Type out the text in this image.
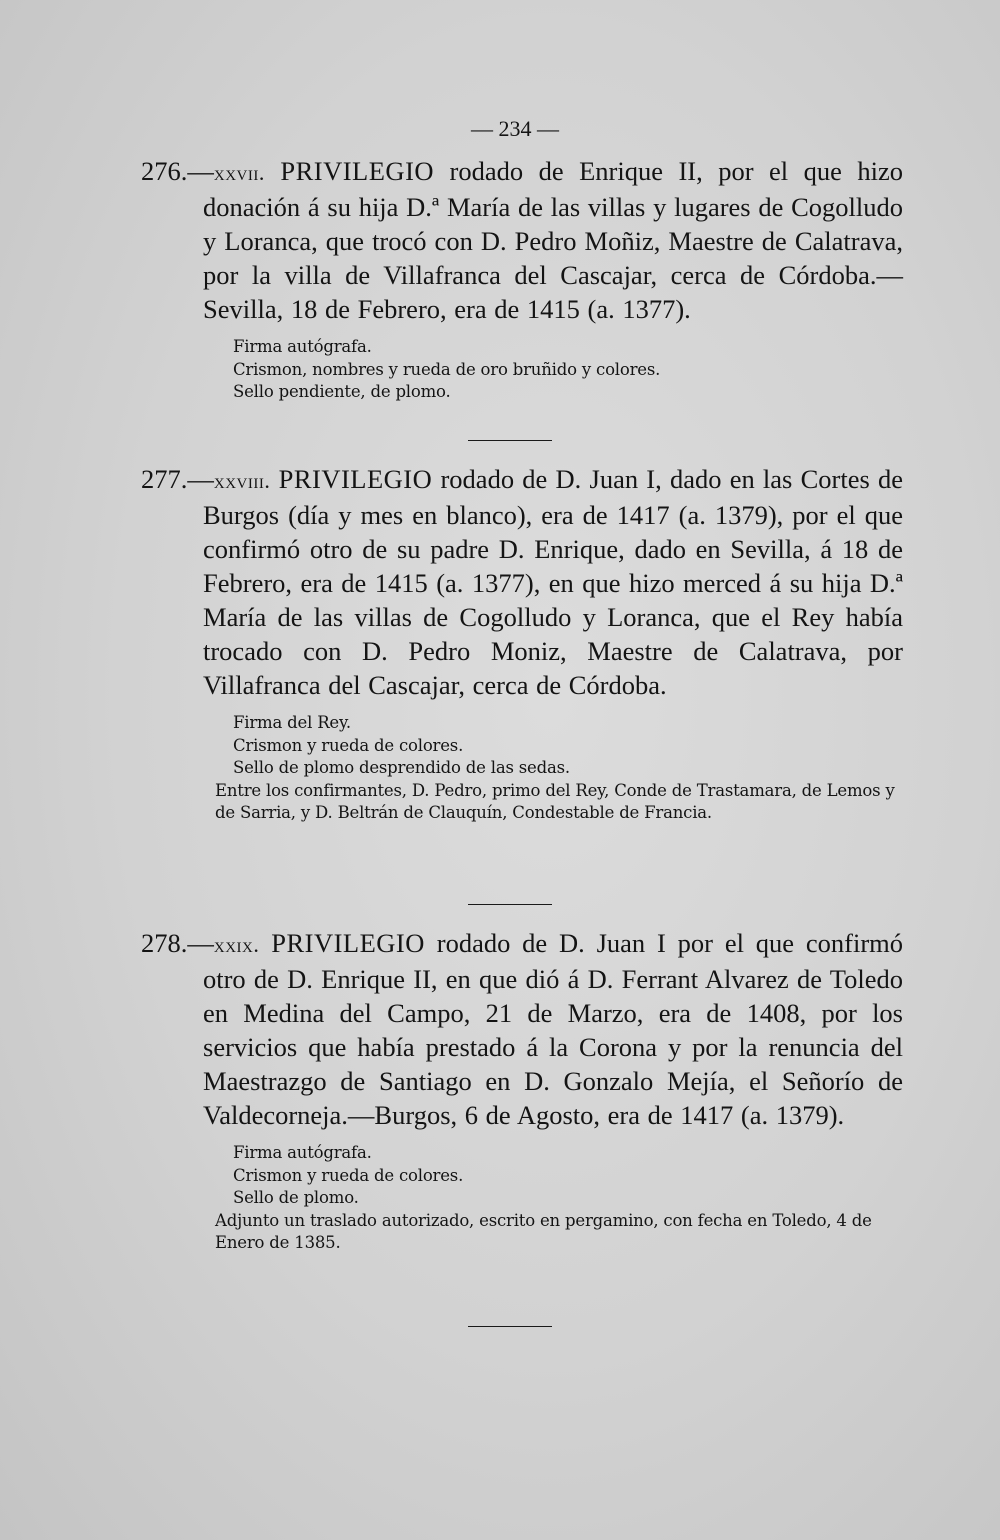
— 234 —

276.—xxvii. PRIVILEGIO rodado de Enrique II, por el que hizo donación á su hija D.ª María de las villas y lugares de Cogolludo y Loranca, que trocó con D. Pedro Moñiz, Maestre de Calatrava, por la villa de Villafranca del Cascajar, cerca de Córdoba.—Sevilla, 18 de Febrero, era de 1415 (a. 1377).

Firma autógrafa.
Crismon, nombres y rueda de oro bruñido y colores.
Sello pendiente, de plomo.

277.—xxviii. PRIVILEGIO rodado de D. Juan I, dado en las Cortes de Burgos (día y mes en blanco), era de 1417 (a. 1379), por el que confirmó otro de su padre D. Enrique, dado en Sevilla, á 18 de Febrero, era de 1415 (a. 1377), en que hizo merced á su hija D.ª María de las villas de Cogolludo y Loranca, que el Rey había trocado con D. Pedro Moniz, Maestre de Calatrava, por Villafranca del Cascajar, cerca de Córdoba.

Firma del Rey.
Crismon y rueda de colores.
Sello de plomo desprendido de las sedas.
Entre los confirmantes, D. Pedro, primo del Rey, Conde de Trastamara, de Lemos y de Sarria, y D. Beltrán de Clauquín, Condestable de Francia.

278.—xxix. PRIVILEGIO rodado de D. Juan I por el que confirmó otro de D. Enrique II, en que dió á D. Ferrant Alvarez de Toledo en Medina del Campo, 21 de Marzo, era de 1408, por los servicios que había prestado á la Corona y por la renuncia del Maestrazgo de Santiago en D. Gonzalo Mejía, el Señorío de Valdecorneja.—Burgos, 6 de Agosto, era de 1417 (a. 1379).

Firma autógrafa.
Crismon y rueda de colores.
Sello de plomo.
Adjunto un traslado autorizado, escrito en pergamino, con fecha en Toledo, 4 de Enero de 1385.
